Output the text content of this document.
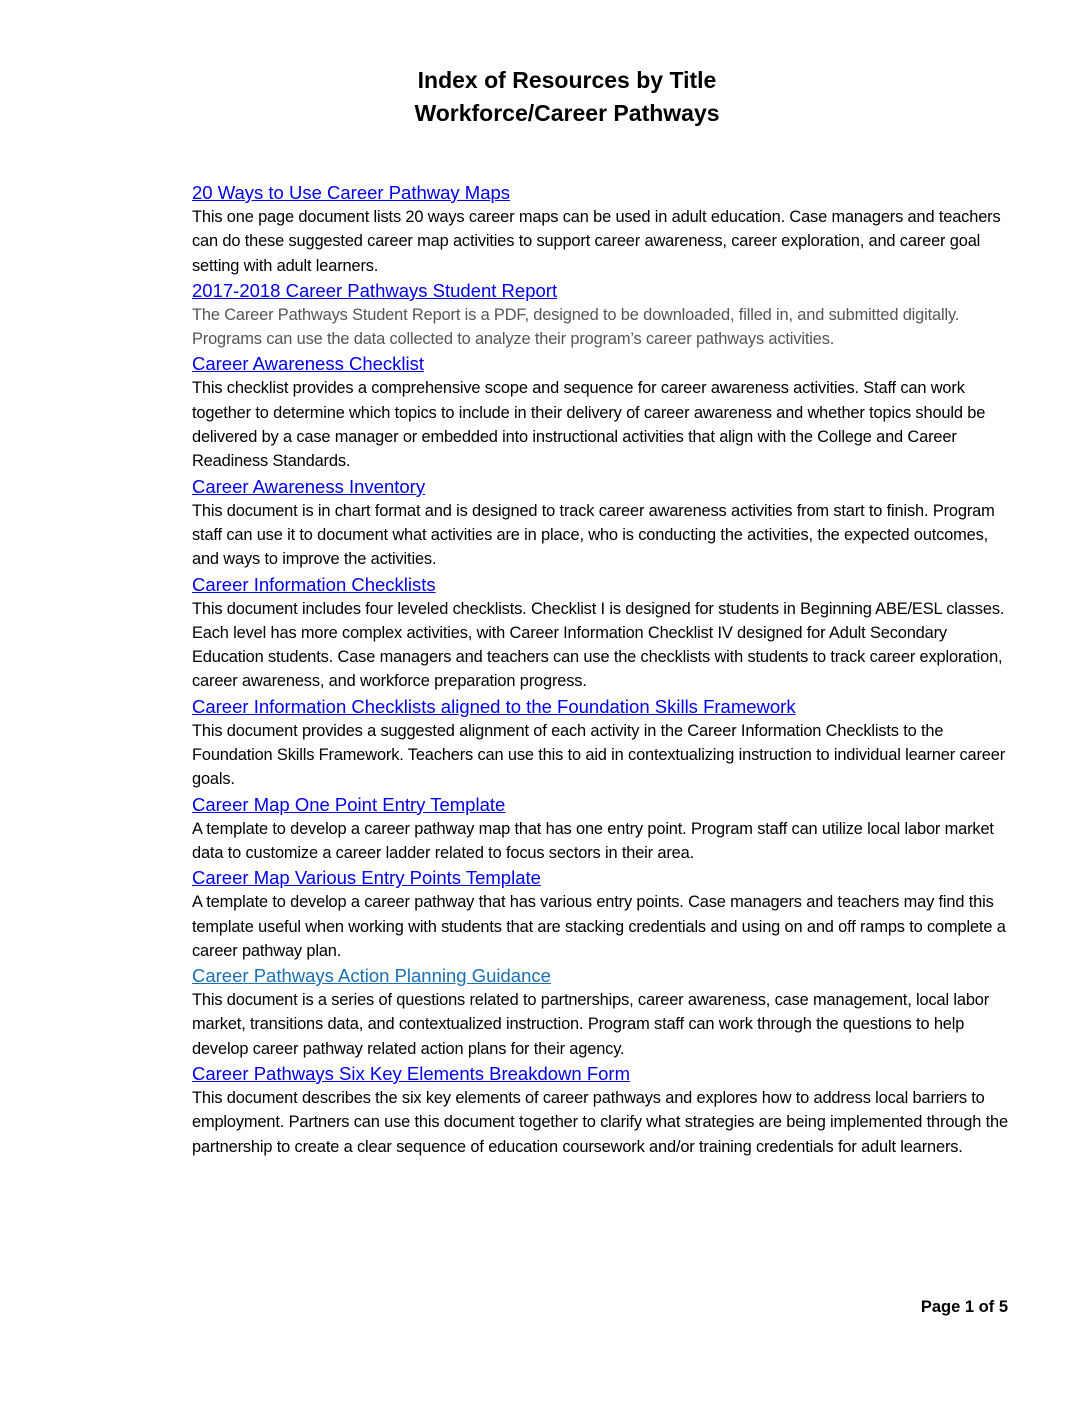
Index of Resources by Title
Workforce/Career Pathways
20 Ways to Use Career Pathway Maps

This one page document lists 20 ways career maps can be used in adult education. Case managers and teachers can do these suggested career map activities to support career awareness, career exploration, and career goal setting with adult learners.

2017-2018 Career Pathways Student Report

The Career Pathways Student Report is a PDF, designed to be downloaded, filled in, and submitted digitally. Programs can use the data collected to analyze their program’s career pathways activities.

Career Awareness Checklist

This checklist provides a comprehensive scope and sequence for career awareness activities. Staff can work together to determine which topics to include in their delivery of career awareness and whether topics should be delivered by a case manager or embedded into instructional activities that align with the College and Career Readiness Standards.

Career Awareness Inventory

This document is in chart format and is designed to track career awareness activities from start to finish. Program staff can use it to document what activities are in place, who is conducting the activities, the expected outcomes, and ways to improve the activities.

Career Information Checklists

This document includes four leveled checklists. Checklist I is designed for students in Beginning ABE/ESL classes. Each level has more complex activities, with Career Information Checklist IV designed for Adult Secondary Education students. Case managers and teachers can use the checklists with students to track career exploration, career awareness, and workforce preparation progress.

Career Information Checklists aligned to the Foundation Skills Framework

This document provides a suggested alignment of each activity in the Career Information Checklists to the Foundation Skills Framework. Teachers can use this to aid in contextualizing instruction to individual learner career goals.

Career Map One Point Entry Template

A template to develop a career pathway map that has one entry point. Program staff can utilize local labor market data to customize a career ladder related to focus sectors in their area.

Career Map Various Entry Points Template

A template to develop a career pathway that has various entry points. Case managers and teachers may find this template useful when working with students that are stacking credentials and using on and off ramps to complete a career pathway plan.

Career Pathways Action Planning Guidance

This document is a series of questions related to partnerships, career awareness, case management, local labor market, transitions data, and contextualized instruction. Program staff can work through the questions to help develop career pathway related action plans for their agency.

Career Pathways Six Key Elements Breakdown Form

This document describes the six key elements of career pathways and explores how to address local barriers to employment. Partners can use this document together to clarify what strategies are being implemented through the partnership to create a clear sequence of education coursework and/or training credentials for adult learners.

Page 1 of 5
